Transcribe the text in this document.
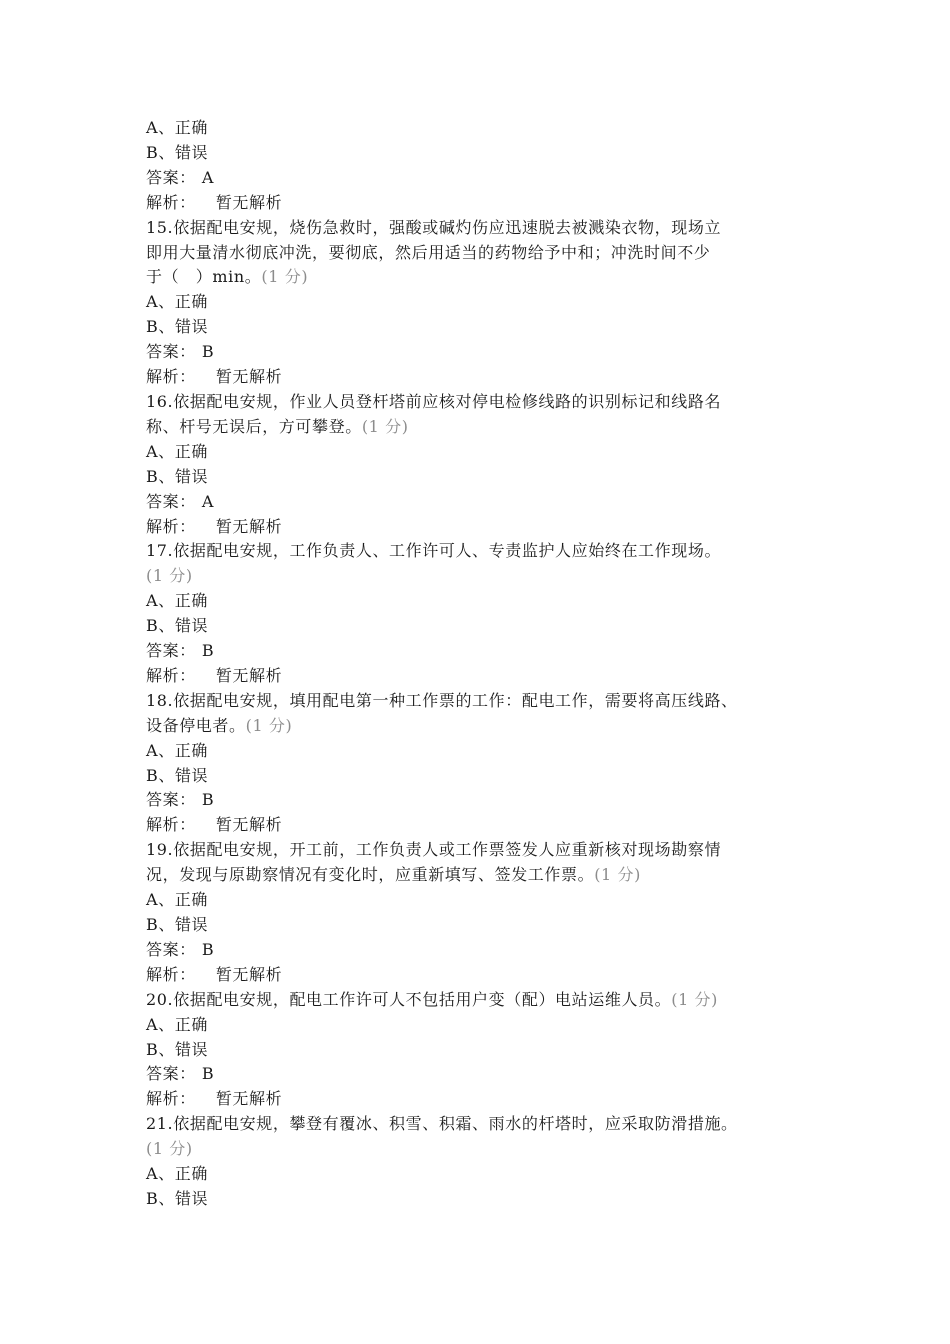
A、正确
B、错误
答案： A
解析： 暂无解析
15.依据配电安规，烧伤急救时，强酸或碱灼伤应迅速脱去被溅染衣物，现场立
即用大量清水彻底冲洗，要彻底，然后用适当的药物给予中和；冲洗时间不少
于（　）min。(1 分)
A、正确
B、错误
答案： B
解析： 暂无解析
16.依据配电安规，作业人员登杆塔前应核对停电检修线路的识别标记和线路名
称、杆号无误后，方可攀登。(1 分)
A、正确
B、错误
答案： A
解析： 暂无解析
17.依据配电安规，工作负责人、工作许可人、专责监护人应始终在工作现场。
(1 分)
A、正确
B、错误
答案： B
解析： 暂无解析
18.依据配电安规，填用配电第一种工作票的工作：配电工作，需要将高压线路、
设备停电者。(1 分)
A、正确
B、错误
答案： B
解析： 暂无解析
19.依据配电安规，开工前，工作负责人或工作票签发人应重新核对现场勘察情
况，发现与原勘察情况有变化时，应重新填写、签发工作票。(1 分)
A、正确
B、错误
答案： B
解析： 暂无解析
20.依据配电安规，配电工作许可人不包括用户变（配）电站运维人员。(1 分)
A、正确
B、错误
答案： B
解析： 暂无解析
21.依据配电安规，攀登有覆冰、积雪、积霜、雨水的杆塔时，应采取防滑措施。
(1 分)
A、正确
B、错误
